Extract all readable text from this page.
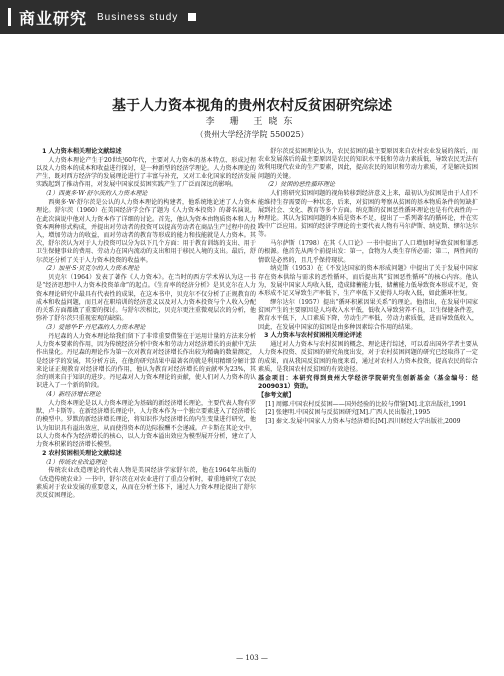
商业研究 Business study
基于人力资本视角的贵州农村反贫困研究综述
李 珊 王晓东
（贵州大学经济学院 550025）

1 人力资本相关理论文献综述

人力资本理论产生于20世纪60年代，主要对人力资本的基本特点、形成过程以及人力资本的成本和收益进行探讨，是一种新型的经济学理论。人力资本理论的产生，既对西方经济学的发展理论进行了丰富与补充，又对工业化国家的经济发展实践起到了推动作用，对发展中国家反贫困实践产生了广泛而深远的影响。

（1）西奥多·W·舒尔茨的人力资本理论

西奥多·W·舒尔茨是公认的人力资本理论的构建者，他系统地论述了人力资本理论。舒尔茨（1960）在美国经济学会作了题为《人力资本投资》的著名演说，在此次演说中他对人力资本作了详细的讨论。首先，他认为资本由物质资本和人力资本两种形式构成，并提出对劳动者的投资可以提高劳动者在商品生产过程中的投入，增加劳动力的收益，而对劳动者的教育等形成的能力和技能就是人力资本。其次，舒尔茨认为对于人力投资可以分为以下几个方面：用于教育训练的支出、用于卫生保健事业的费用、劳动力在国内流动的支出和用于移民入境的支出。最后，舒尔茨还分析了关于人力资本投资的收益率。

（2）加里·S·贝克尔的人力资本理论

贝克尔（1964）发表了著作《人力资本》。在当时的西方学术界认为这一书是“经济思想中人力资本投资革命”的起点。《生育率的经济分析》是贝克尔在人力资本理论研究中最具有代表性的成果，在这本书中，贝克尔不仅分析了正规教育的成本和收益问题，而且对在职培训的经济意义以及对人力资本投资与个人收入分配的关系方面都做了重要的探讨。与舒尔茨相比，贝克尔更注重微观层次的分析，他弥补了舒尔茨只重视宏观的缺陷。

（3）爱德华·F·丹尼森的人力资本理论

丹尼森的人力资本理论给我们留下了非常重要借鉴在于运用计量的方法来分析人力资本要素的作用，因为传统经济分析中资本和劳动力对经济增长的贡献中无法作出量化。丹尼森的理论作为第一次对教育对经济增长作出较为精确的数量测定，是经济学的发展，其分析方法，在他的研究结果中最著名的就是利用精细分解计算来论证正规教育对经济增长的作用，他认为教育对经济增长的贡献率为23%，其余的则来自于知识的进步。丹尼森对人力资本理论的贡献，使人们对人力资本的认识进入了一个新的阶段。

（4）新经济增长理论

人力资本理论是以人力资本理论为基础的新经济增长理论，主要代表人物有罗默、卢卡斯等。在新经济增长理论中，人力资本作为一个独立要素进入了经济增长的模型中。罗默的新经济增长理论，将知识作为经济增长的内生变量进行研究，他认为知识具有溢出效应，从而使得资本的边际报酬不会递减。卢卡斯在其论文中，以人力资本作为经济增长的核心，以人力资本溢出效应为模型展开分析，建立了人力资本积累的经济增长模型。

2 农村贫困相关理论文献综述

（1）传统农业改造理论

传统农业改造理论的代表人物是美国经济学家舒尔茨，他在1964年出版的《改造传统农业》一书中，舒尔茨在对农业进行了重点分析时，着重地研究了农民素质对于农业发展的重要意义，从而在分析主体下，通过人力资本理论提出了舒尔茨反贫困理论。

舒尔茨反贫困理论认为，农民贫困的最主要原因来自农村农业发展的落后，而农业发展落后的最主要原因是农民的知识水平低和劳动力素质低，导致农民无法有效利用现代农业的生产要素，因此，提高农民的知识和劳动力素质，才是解决贫困问题的关键。

（2）贫困的恶性循环理论

人们将研究贫困问题的视角转移到经济意义上来，最初认为贫困是由于人们不能维持生存需要的一种状态，后来，对贫困的考察从贫困的基本物质条件的短缺扩展到社会、文化、教育等多个方面。纳克斯的贫困恶性循环理论也是有代表性的一种理论。其认为贫困问题的本质是资本不足，提出了一系列著名的循环论，并在实践中广泛应用。贫困的经济学理论的主要代表人物有马尔萨斯、纳克斯、缪尔达尔等。

马尔萨斯（1798）在其《人口论》一书中提出了人口增加时导致贫困和罪恶的根源。他首先从两个前提出发：第一，食物为人类生存所必需；第二，两性间的情欲是必然的，且几乎保持现状。

纳克斯（1953）在《不发达国家的资本形成问题》中提出了关于发展中国家存在资本供给与需求的恶性循环，而后提出其“贫困恶性循环”的核心内容。他认为，发展中国家人均收入低，造成储蓄能力低，储蓄能力低导致资本形成不足，资本形成不足又导致生产率低下，生产率低下又使得人均收入低，如此循环往复。

缪尔达尔（1957）提出“循环积累因果关系”的理论。他指出，在发展中国家贫困产生的主要原因是人均收入水平低，低收入导致营养不良，卫生保健条件差，教育水平低下，人口素质下降，劳动生产率低，劳动力素质低，进而导致低收入，因此，在发展中国家的贫困是由多种因素综合作用的结果。

3 人力资本与农村贫困相关理论评述

通过对人力资本与农村贫困的概念、理论进行综述，可以看出国外学者主要从人力资本投资、反贫困的研究角度出发，对于农村贫困问题的研究已经取得了一定的成果，而从我国反贫困的角度来看，通过对农村人力资本投资，提高农民的综合素质，是我国农村反贫困的有效途径。

基金项目：本研究得到贵州大学经济学院研究生创新基金（基金编号：经2009031）资助。

【参考文献】

[1] 周娜.中国农村反贫困——国外经验的比较与借鉴[M].北京出版社,1991

[2] 张建明.中国贫困与反贫困研究[M].广西人民出版社,1995

[3] 秦文.发展中国家人力资本与经济增长[M].四川财经大学出版社,2009

— 103 —
